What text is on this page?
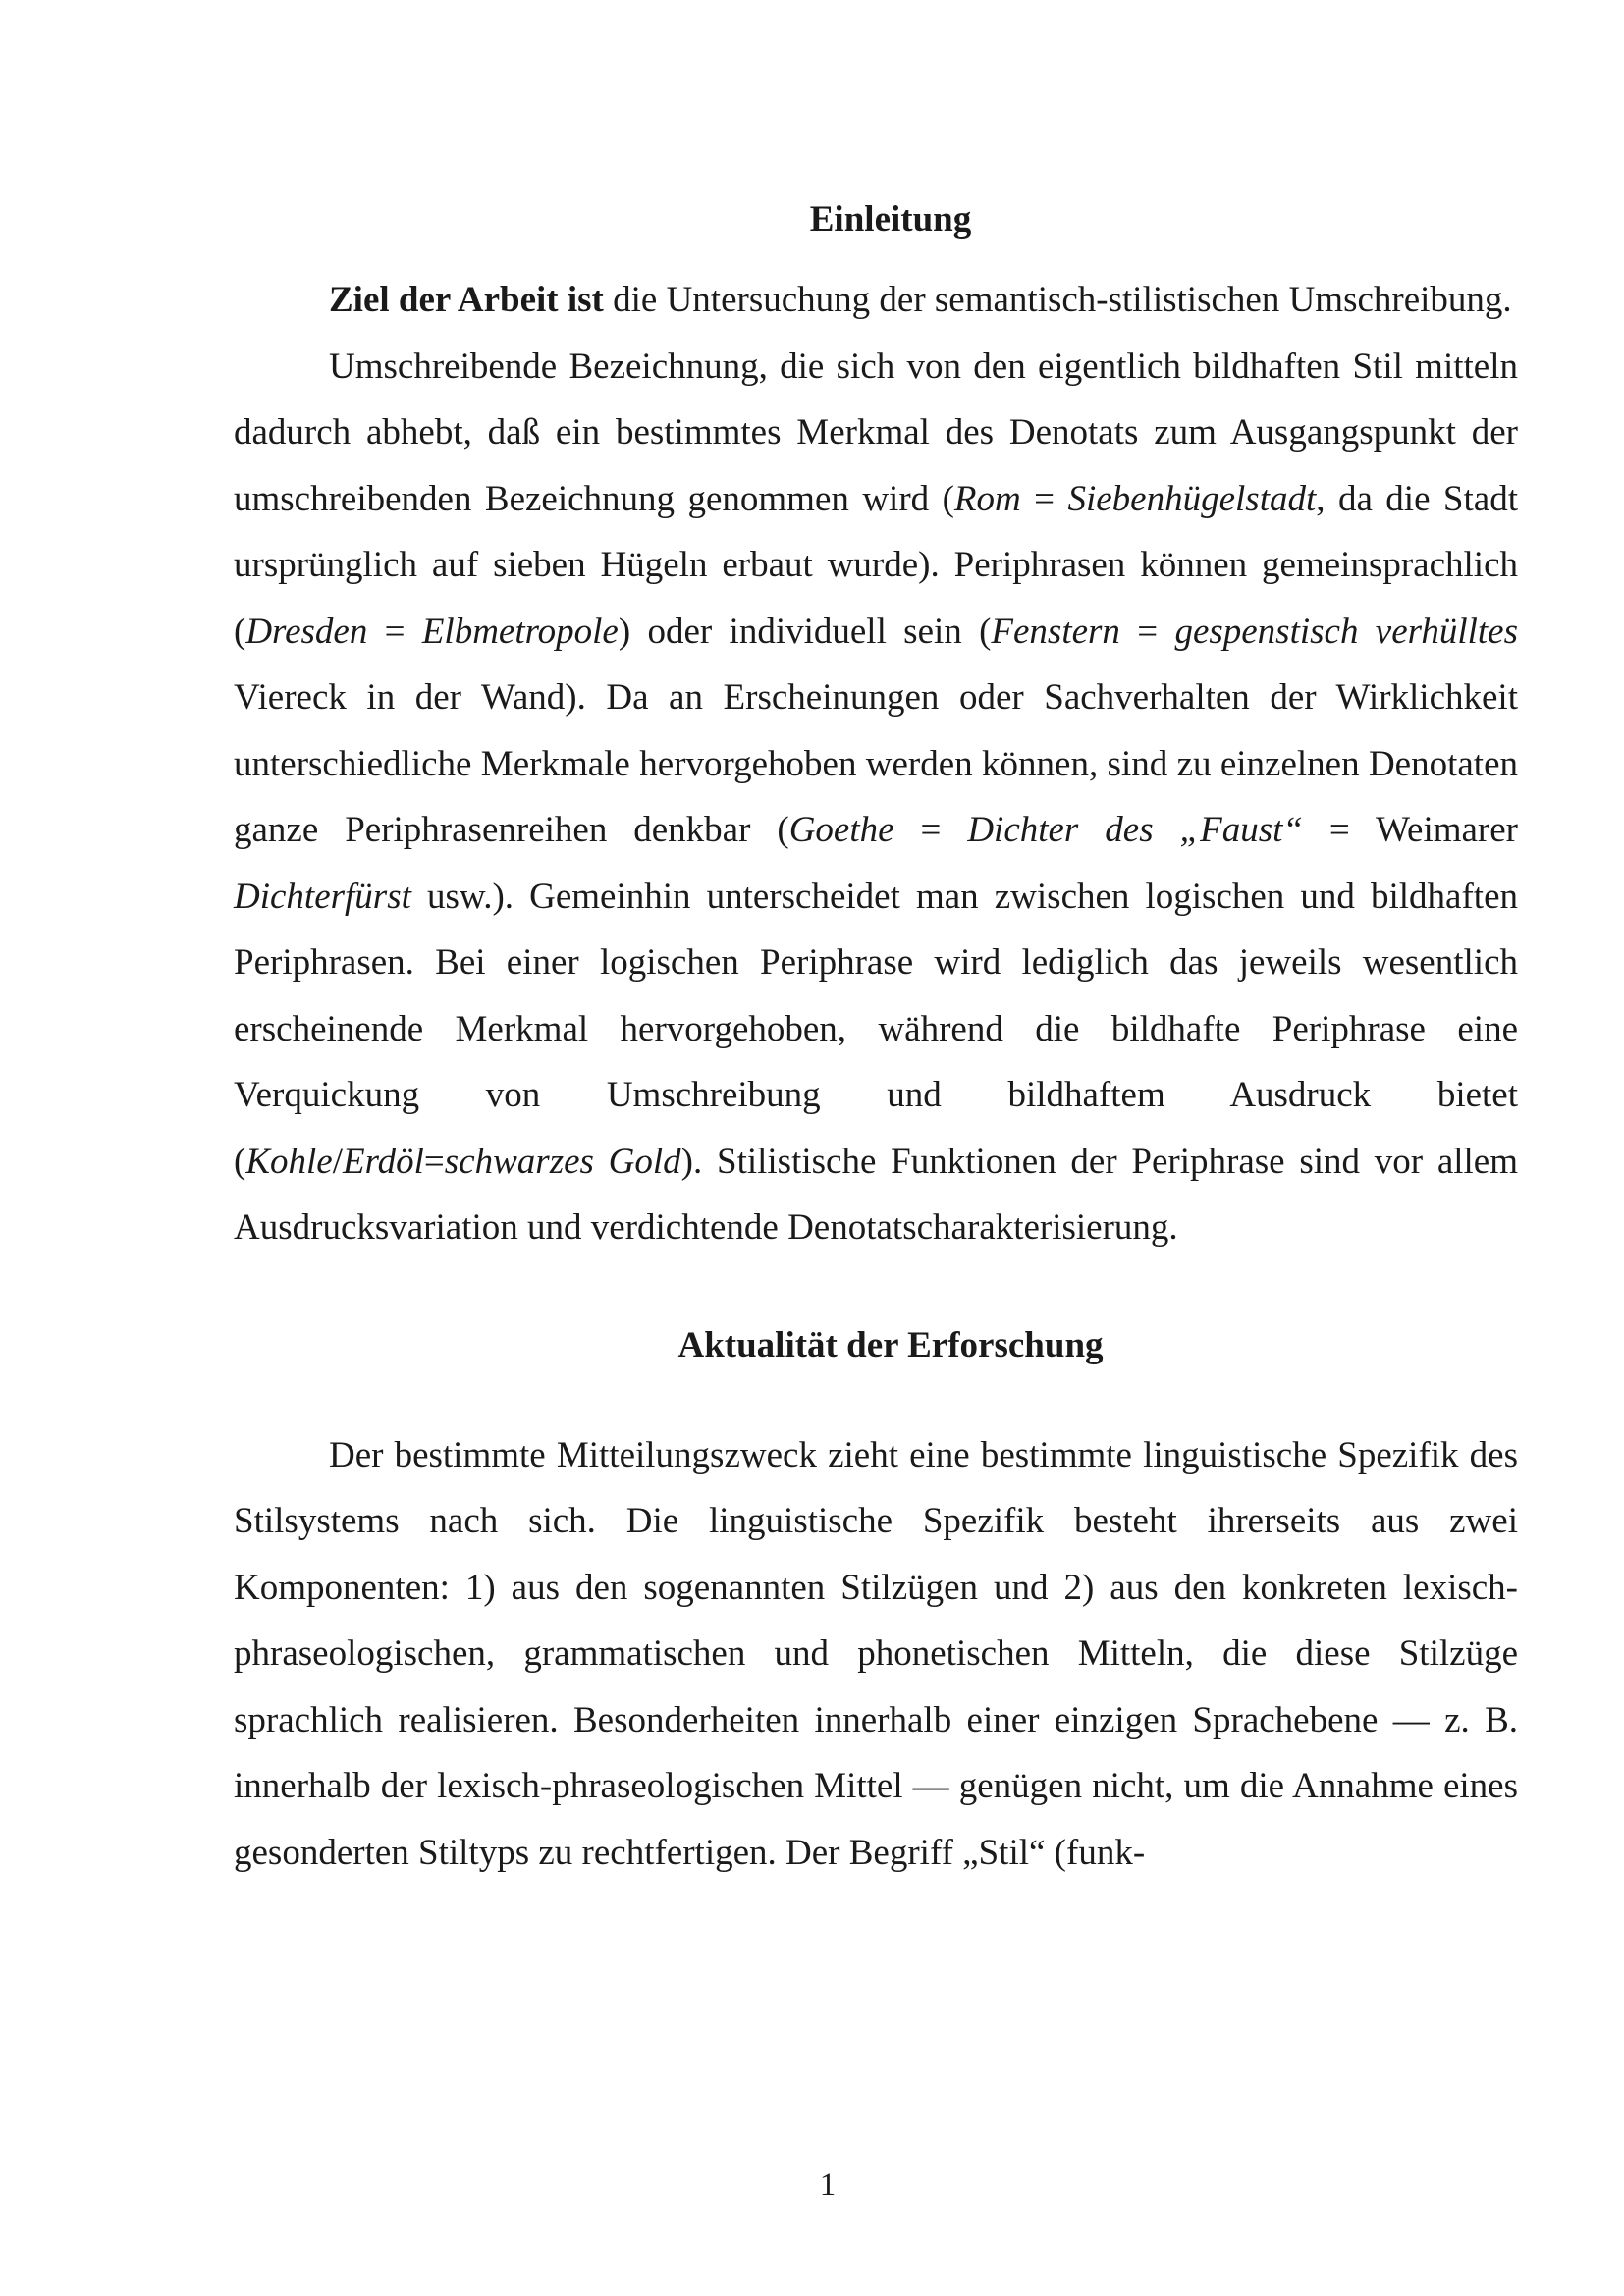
Einleitung

Ziel der Arbeit ist die Untersuchung der semantisch-stilistischen Umschreibung.

Umschreibende Bezeichnung, die sich von den eigentlich bildhaften Stil mitteln dadurch abhebt, daß ein bestimmtes Merkmal des Denotats zum Ausgangspunkt der umschreibenden Bezeichnung genommen wird (Rom = Siebenhügelstadt, da die Stadt ursprünglich auf sieben Hügeln erbaut wurde). Periphrasen können gemeinsprachlich (Dresden = Elbmetropole) oder individuell sein (Fenstern = gespenstisch verhülltes Viereck in der Wand). Da an Erscheinungen oder Sachverhalten der Wirklichkeit unterschiedliche Merkmale hervorgehoben werden können, sind zu einzelnen Denotaten ganze Periphrasenreihen denkbar (Goethe = Dichter des „Faust“ = Weimarer Dichterfürst usw.). Gemeinhin unterscheidet man zwischen logischen und bildhaften Periphrasen. Bei einer logischen Periphrase wird lediglich das jeweils wesentlich erscheinende Merkmal hervorgehoben, während die bildhafte Periphrase eine Verquickung von Umschreibung und bildhaftem Ausdruck bietet (Kohle/Erdöl=schwarzes Gold). Stilistische Funktionen der Periphrase sind vor allem Ausdrucksvariation und verdichtende Denotatscharakterisierung.

Aktualität der Erforschung

Der bestimmte Mitteilungszweck zieht eine bestimmte linguistische Spezifik des Stilsystems nach sich. Die linguistische Spezifik besteht ihrerseits aus zwei Komponenten: 1) aus den sogenannten Stilzügen und 2) aus den konkreten lexisch-phraseologischen, grammatischen und phonetischen Mitteln, die diese Stilzüge sprachlich realisieren. Besonderheiten innerhalb einer einzigen Sprachebene — z. B. innerhalb der lexisch-phraseologischen Mittel — genügen nicht, um die Annahme eines gesonderten Stiltyps zu rechtfertigen. Der Begriff „Stil“ (funk-

1
